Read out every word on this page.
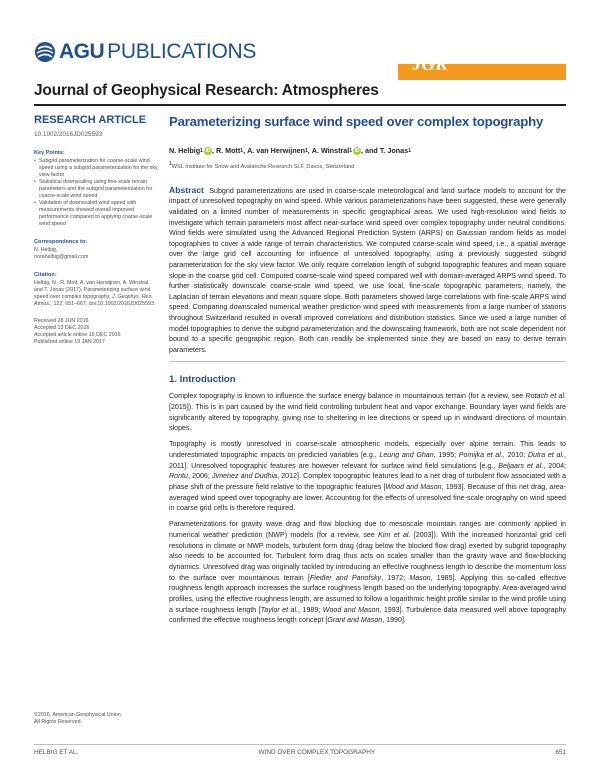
AGU PUBLICATIONS
JGR
Journal of Geophysical Research: Atmospheres
RESEARCH ARTICLE
10.1002/2016JD025593
Key Points:
• Subgrid parameterization for coarse-scale wind speed using a subgrid parameterization for the sky view factor
• Statistical downscaling using fine-scale terrain parameters and the subgrid parameterization for coarse-scale wind speed
• Validation of downscaled wind speed with measurements showed overall improved performance compared to applying coarse-scale wind speed
Correspondence to:
N. Helbig,
norahelbig@gmail.com
Citation:
Helbig, N., R. Mott, A. van Herwijnen, A. Winstral, and T. Jonas (2017), Parameterizing surface wind speed over complex topography, J. Geophys. Res. Atmos., 122, 651–667, doi:10.1002/2016JD025593.
Received 28 JUN 2016
Accepted 13 DEC 2016
Accepted article online 16 DEC 2016
Published online 19 JAN 2017
©2016. American Geophysical Union.
All Rights Reserved.
Parameterizing surface wind speed over complex topography
N. Helbig 1 iD , R. Mott 1 , A. van Herwijnen 1 , A. Winstral 1 iD , and T. Jonas 1
1WSL Institute for Snow and Avalanche Research SLF, Davos, Switzerland
Abstract Subgrid parameterizations are used in coarse-scale meteorological and land surface models to account for the impact of unresolved topography on wind speed. While various parameterizations have been suggested, these were generally validated on a limited number of measurements in specific geographical areas. We used high-resolution wind fields to investigate which terrain parameters most affect near-surface wind speed over complex topography under neutral conditions. Wind fields were simulated using the Advanced Regional Prediction System (ARPS) on Gaussian random fields as model topographies to cover a wide range of terrain characteristics. We computed coarse-scale wind speed, i.e., a spatial average over the large grid cell accounting for influence of unresolved topography, using a previously suggested subgrid parameterization for the sky view factor. We only require correlation length of subgrid topographic features and mean square slope in the coarse grid cell. Computed coarse-scale wind speed compared well with domain-averaged ARPS wind speed. To further statistically downscale coarse-scale wind speed, we use local, fine-scale topographic parameters, namely, the Laplacian of terrain elevations and mean square slope. Both parameters showed large correlations with fine-scale ARPS wind speed. Comparing downscaled numerical weather prediction wind speed with measurements from a large number of stations throughout Switzerland resulted in overall improved correlations and distribution statistics. Since we used a large number of model topographies to derive the subgrid parameterization and the downscaling framework, both are not scale dependent nor bound to a specific geographic region. Both can readily be implemented since they are based on easy to derive terrain parameters.
1. Introduction

Complex topography is known to influence the surface energy balance in mountainous terrain (for a review, see Rotach et al. [2015]). This is in part caused by the wind field controlling turbulent heat and vapor exchange. Boundary layer wind fields are significantly altered by topography, giving rise to sheltering in lee directions or speed up in windward directions of mountain slopes.

Topography is mostly unresolved in coarse-scale atmospheric models, especially over alpine terrain. This leads to underestimated topographic impacts on predicted variables [e.g., Leung and Ghan, 1995; Pomijka et al., 2010; Dutra et al., 2011]. Unresolved topographic features are however relevant for surface wind field simulations [e.g., Beljaars et al., 2004; Rontu, 2006; Jimenez and Dudhia, 2012]. Complex topographic features lead to a net drag of turbulent flow associated with a phase shift of the pressure field relative to the topographic features [Wood and Mason, 1993]. Because of this net drag, area-averaged wind speed over topography are lower. Accounting for the effects of unresolved fine-scale orography on wind speed in coarse grid cells is therefore required.

Parameterizations for gravity wave drag and flow blocking due to mesoscale mountain ranges are commonly applied in numerical weather prediction (NWP) models (for a review, see Kim et al. [2003]). With the increased horizontal grid cell resolutions in climate or NWP models, turbulent form drag (drag below the blocked flow drag) exerted by subgrid topography also needs to be accounted for. Turbulent form drag thus acts on scales smaller than the gravity wave and flow-blocking dynamics. Unresolved drag was originally tackled by introducing an effective roughness length to describe the momentum loss to the surface over mountainous terrain [Fiedler and Panofsky, 1972; Mason, 1985]. Applying this so-called effective roughness length approach increases the surface roughness length based on the underlying topography. Area-averaged wind profiles, using the effective roughness length, are assumed to follow a logarithmic height profile similar to the wind profile using a surface roughness length [Taylor et al., 1989; Wood and Mason, 1993]. Turbulence data measured well above topography confirmed the effective roughness length concept [Grant and Mason, 1990].

HELBIG ET AL.	WIND OVER COMPLEX TOPOGRAPHY	651
